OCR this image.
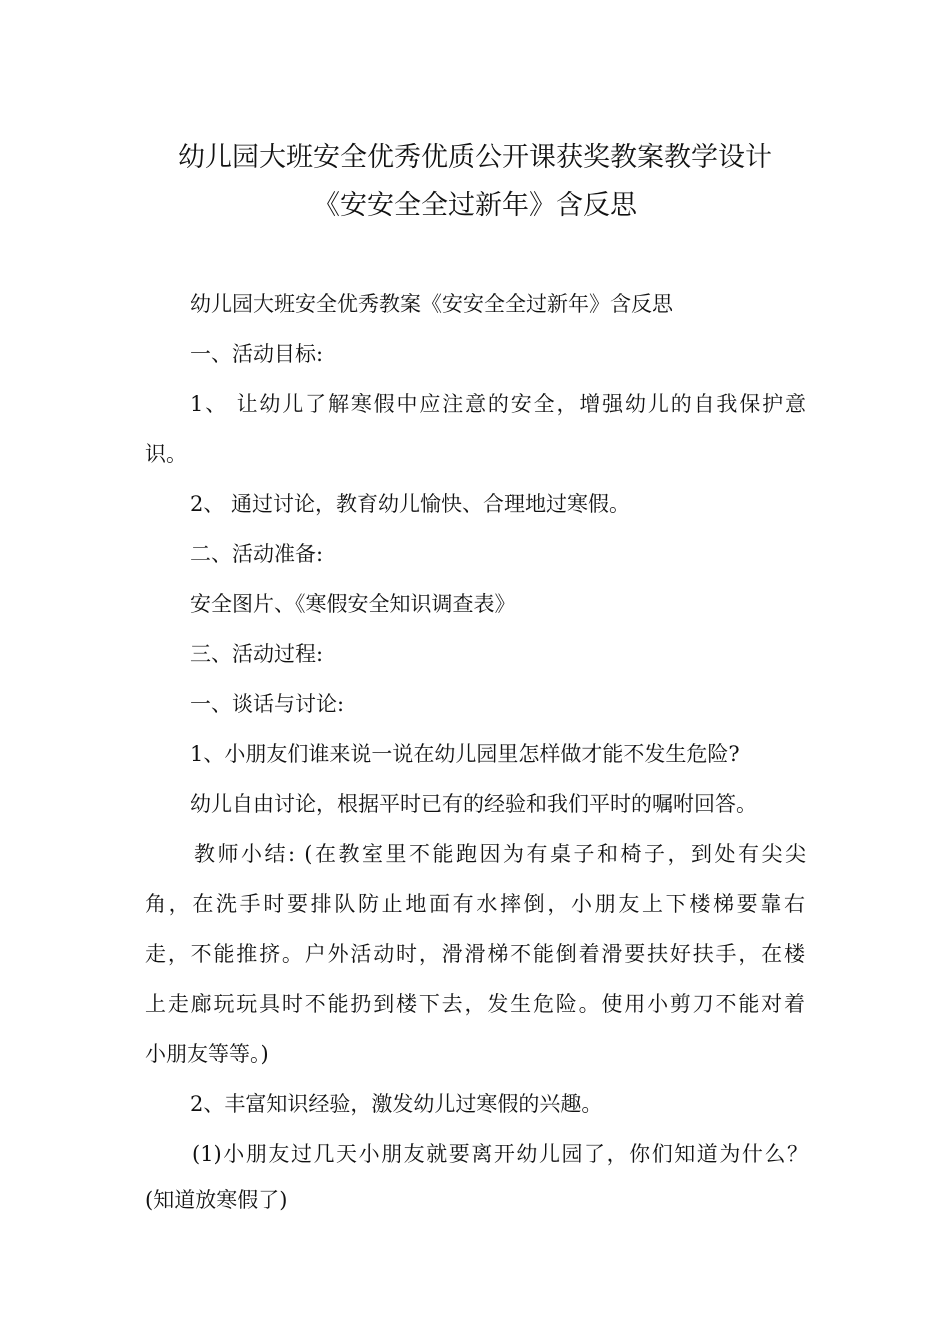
幼儿园大班安全优秀优质公开课获奖教案教学设计
《安安全全过新年》含反思
幼儿园大班安全优秀教案《安安全全过新年》含反思
一、活动目标:
1、 让幼儿了解寒假中应注意的安全，增强幼儿的自我保护意
识。
2、 通过讨论，教育幼儿愉快、合理地过寒假。
二、活动准备:
安全图片、《寒假安全知识调查表》
三、活动过程:
一、谈话与讨论:
1、小朋友们谁来说一说在幼儿园里怎样做才能不发生危险?
幼儿自由讨论，根据平时已有的经验和我们平时的嘱咐回答。
教师小结: (在教室里不能跑因为有桌子和椅子，到处有尖尖
角，在洗手时要排队防止地面有水摔倒，小朋友上下楼梯要靠右
走，不能推挤。户外活动时，滑滑梯不能倒着滑要扶好扶手，在楼
上走廊玩玩具时不能扔到楼下去，发生危险。使用小剪刀不能对着
小朋友等等。)
2、丰富知识经验，激发幼儿过寒假的兴趣。
(1)小朋友过几天小朋友就要离开幼儿园了，你们知道为什么？
(知道放寒假了)
